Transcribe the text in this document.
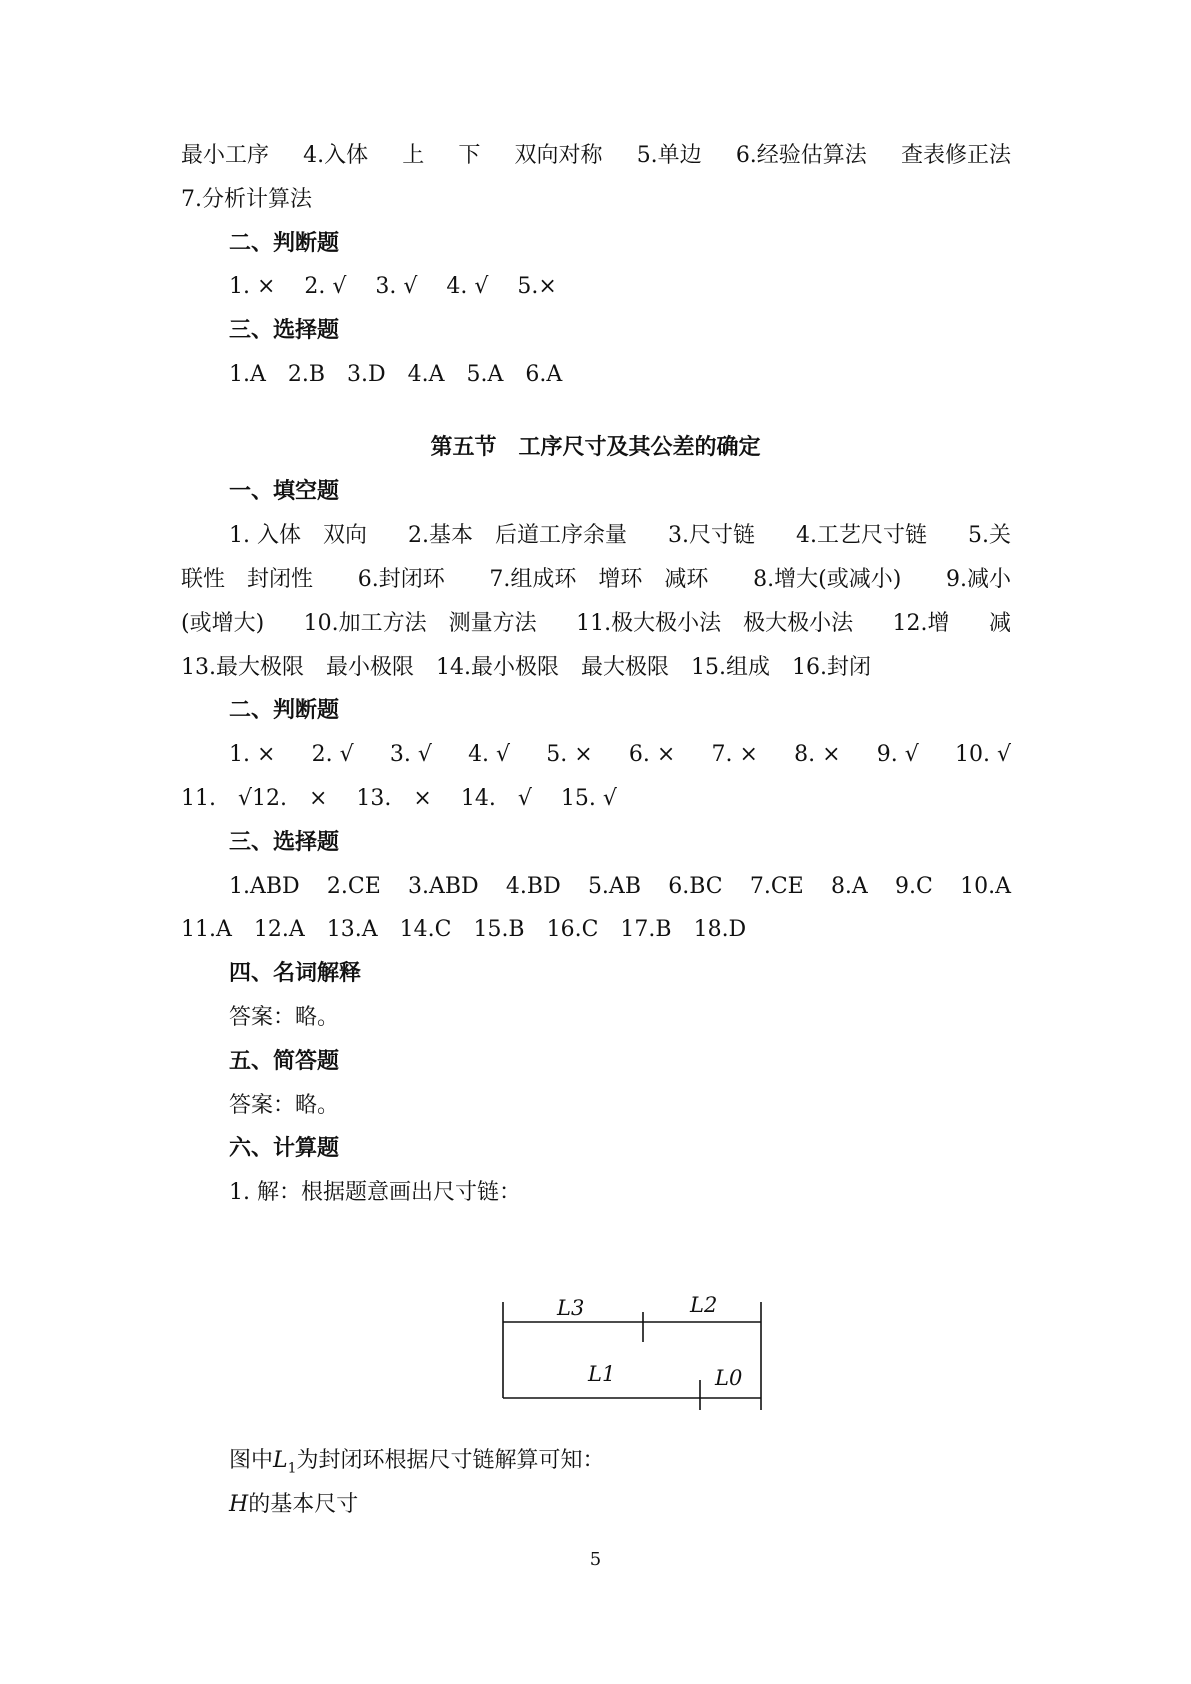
最小工序 4.入体 上 下 双向对称 5.单边 6.经验估算法 查表修正法
7.分析计算法
二、判断题
1. ×　 2. √　 3. √　 4. √　 5.×
三、选择题
1.A　2.B　3.D　4.A　5.A　6.A
第五节　工序尺寸及其公差的确定
一、填空题
1. 入体　双向 2.基本　后道工序余量 3.尺寸链 4.工艺尺寸链 5.关
联性　封闭性 6.封闭环 7.组成环　增环　减环 8.增大(或减小) 9.减小
(或增大) 10.加工方法　测量方法 11.极大极小法　极大极小法 12.增 减
13.最大极限　最小极限　14.最小极限　最大极限　15.组成　16.封闭
二、判断题
1. × 2. √ 3. √ 4. √ 5. × 6. × 7. × 8. × 9. √ 10. √
11.　√12.　×　 13.　×　 14.　√　 15. √
三、选择题
1.ABD 2.CE 3.ABD 4.BD 5.AB 6.BC 7.CE 8.A 9.C 10.A
11.A　12.A　13.A　14.C　15.B　16.C　17.B　18.D
四、名词解释
答案：略。
五、简答题
答案：略。
六、计算题
1. 解：根据题意画出尺寸链：
L3	L2
L1	L0
图中$L_1$为封闭环根据尺寸链解算可知：
H的基本尺寸
5
